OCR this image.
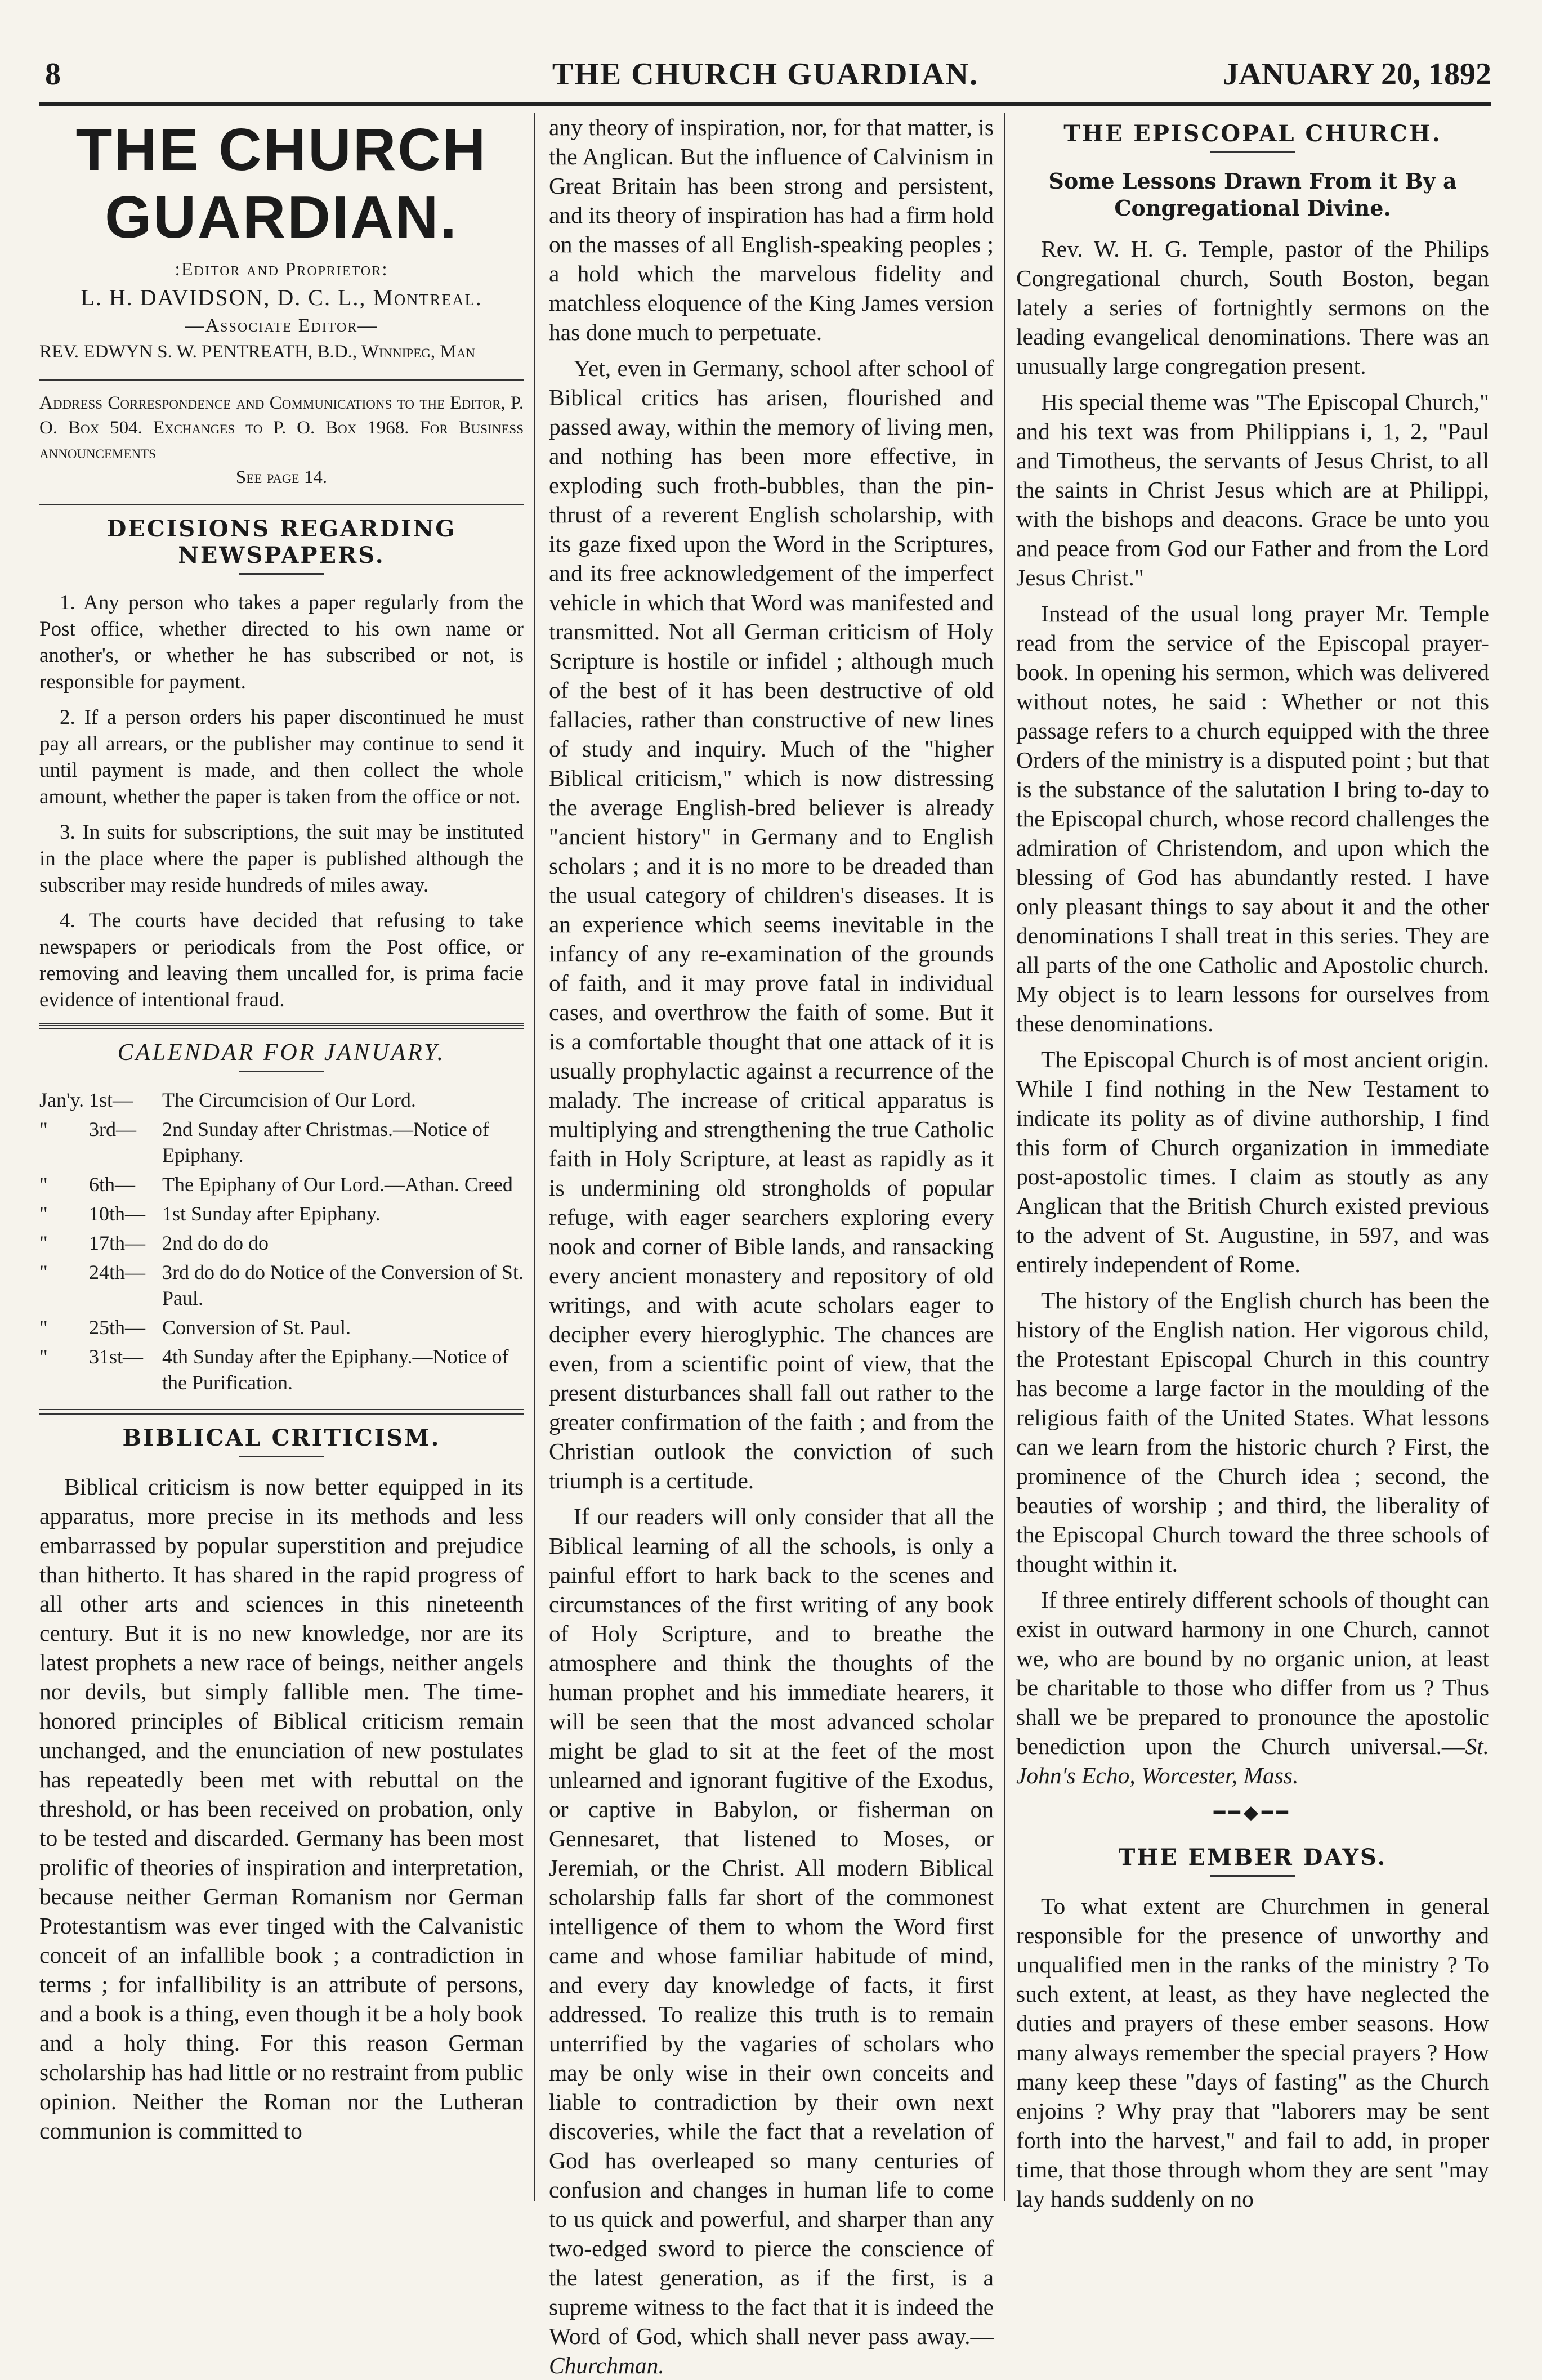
8	THE CHURCH GUARDIAN.	JANUARY 20, 1892
THE CHURCH GUARDIAN.
:Editor and Proprietor:
L. H. DAVIDSON, D. C. L., Montreal.
—Associate Editor—
REV. EDWYN S. W. PENTREATH, B.D., Winnipeg, Man
Address Correspondence and Communications to the Editor, P. O. Box 504. Exchanges to P. O. Box 1968. For Business announcements
See page 14.
DECISIONS REGARDING NEWSPAPERS.
1. Any person who takes a paper regularly from the Post office, whether directed to his own name or another's, or whether he has subscribed or not, is responsible for payment.
2. If a person orders his paper discontinued he must pay all arrears, or the publisher may continue to send it until payment is made, and then collect the whole amount, whether the paper is taken from the office or not.
3. In suits for subscriptions, the suit may be instituted in the place where the paper is published although the subscriber may reside hundreds of miles away.
4. The courts have decided that refusing to take newspapers or periodicals from the Post office, or removing and leaving them uncalled for, is prima facie evidence of intentional fraud.
CALENDAR FOR JANUARY.
Jan'y.	1st—	The Circumcision of Our Lord.
"	3rd—	2nd Sunday after Christmas.—Notice of Epiphany.
"	6th—	The Epiphany of Our Lord.—Athan. Creed
"	10th—	1st Sunday after Epiphany.
"	17th—	2nd do do do
"	24th—	3rd do do do Notice of the Conversion of St. Paul.
"	25th—	Conversion of St. Paul.
"	31st—	4th Sunday after the Epiphany.—Notice of the Purification.
BIBLICAL CRITICISM.

Biblical criticism is now better equipped in its apparatus, more precise in its methods and less embarrassed by popular superstition and prejudice than hitherto. It has shared in the rapid progress of all other arts and sciences in this nineteenth century. But it is no new knowledge, nor are its latest prophets a new race of beings, neither angels nor devils, but simply fallible men. The time-honored principles of Biblical criticism remain unchanged, and the enunciation of new postulates has repeatedly been met with rebuttal on the threshold, or has been received on probation, only to be tested and discarded. Germany has been most prolific of theories of inspiration and interpretation, because neither German Romanism nor German Protestantism was ever tinged with the Calvanistic conceit of an infallible book ; a contradiction in terms ; for infallibility is an attribute of persons, and a book is a thing, even though it be a holy book and a holy thing. For this reason German scholarship has had little or no restraint from public opinion. Neither the Roman nor the Lutheran communion is committed to

any theory of inspiration, nor, for that matter, is the Anglican. But the influence of Calvinism in Great Britain has been strong and persistent, and its theory of inspiration has had a firm hold on the masses of all English-speaking peoples ; a hold which the marvelous fidelity and matchless eloquence of the King James version has done much to perpetuate.

Yet, even in Germany, school after school of Biblical critics has arisen, flourished and passed away, within the memory of living men, and nothing has been more effective, in exploding such froth-bubbles, than the pin-thrust of a reverent English scholarship, with its gaze fixed upon the Word in the Scriptures, and its free acknowledgement of the imperfect vehicle in which that Word was manifested and transmitted. Not all German criticism of Holy Scripture is hostile or infidel ; although much of the best of it has been destructive of old fallacies, rather than constructive of new lines of study and inquiry. Much of the "higher Biblical criticism," which is now distressing the average English-bred believer is already "ancient history" in Germany and to English scholars ; and it is no more to be dreaded than the usual category of children's diseases. It is an experience which seems inevitable in the infancy of any re-examination of the grounds of faith, and it may prove fatal in individual cases, and overthrow the faith of some. But it is a comfortable thought that one attack of it is usually prophylactic against a recurrence of the malady. The increase of critical apparatus is multiplying and strengthening the true Catholic faith in Holy Scripture, at least as rapidly as it is undermining old strongholds of popular refuge, with eager searchers exploring every nook and corner of Bible lands, and ransacking every ancient monastery and repository of old writings, and with acute scholars eager to decipher every hieroglyphic. The chances are even, from a scientific point of view, that the present disturbances shall fall out rather to the greater confirmation of the faith ; and from the Christian outlook the conviction of such triumph is a certitude.

If our readers will only consider that all the Biblical learning of all the schools, is only a painful effort to hark back to the scenes and circumstances of the first writing of any book of Holy Scripture, and to breathe the atmosphere and think the thoughts of the human prophet and his immediate hearers, it will be seen that the most advanced scholar might be glad to sit at the feet of the most unlearned and ignorant fugitive of the Exodus, or captive in Babylon, or fisherman on Gennesaret, that listened to Moses, or Jeremiah, or the Christ. All modern Biblical scholarship falls far short of the commonest intelligence of them to whom the Word first came and whose familiar habitude of mind, and every day knowledge of facts, it first addressed. To realize this truth is to remain unterrified by the vagaries of scholars who may be only wise in their own conceits and liable to contradiction by their own next discoveries, while the fact that a revelation of God has overleaped so many centuries of confusion and changes in human life to come to us quick and powerful, and sharper than any two-edged sword to pierce the conscience of the latest generation, as if the first, is a supreme witness to the fact that it is indeed the Word of God, which shall never pass away.—Churchman.

THE EPISCOPAL CHURCH.
Some Lessons Drawn From it By a Congregational Divine.

Rev. W. H. G. Temple, pastor of the Philips Congregational church, South Boston, began lately a series of fortnightly sermons on the leading evangelical denominations. There was an unusually large congregation present.

His special theme was "The Episcopal Church," and his text was from Philippians i, 1, 2, "Paul and Timotheus, the servants of Jesus Christ, to all the saints in Christ Jesus which are at Philippi, with the bishops and deacons. Grace be unto you and peace from God our Father and from the Lord Jesus Christ."

Instead of the usual long prayer Mr. Temple read from the service of the Episcopal prayer-book. In opening his sermon, which was delivered without notes, he said : Whether or not this passage refers to a church equipped with the three Orders of the ministry is a disputed point ; but that is the substance of the salutation I bring to-day to the Episcopal church, whose record challenges the admiration of Christendom, and upon which the blessing of God has abundantly rested. I have only pleasant things to say about it and the other denominations I shall treat in this series. They are all parts of the one Catholic and Apostolic church. My object is to learn lessons for ourselves from these denominations.

The Episcopal Church is of most ancient origin. While I find nothing in the New Testament to indicate its polity as of divine authorship, I find this form of Church organization in immediate post-apostolic times. I claim as stoutly as any Anglican that the British Church existed previous to the advent of St. Augustine, in 597, and was entirely independent of Rome.

The history of the English church has been the history of the English nation. Her vigorous child, the Protestant Episcopal Church in this country has become a large factor in the moulding of the religious faith of the United States. What lessons can we learn from the historic church ? First, the prominence of the Church idea ; second, the beauties of worship ; and third, the liberality of the Episcopal Church toward the three schools of thought within it.

If three entirely different schools of thought can exist in outward harmony in one Church, cannot we, who are bound by no organic union, at least be charitable to those who differ from us ? Thus shall we be prepared to pronounce the apostolic benediction upon the Church universal.—St. John's Echo, Worcester, Mass.

━━◆━━
THE EMBER DAYS.

To what extent are Churchmen in general responsible for the presence of unworthy and unqualified men in the ranks of the ministry ? To such extent, at least, as they have neglected the duties and prayers of these ember seasons. How many always remember the special prayers ? How many keep these "days of fasting" as the Church enjoins ? Why pray that "laborers may be sent forth into the harvest," and fail to add, in proper time, that those through whom they are sent "may lay hands suddenly on no
